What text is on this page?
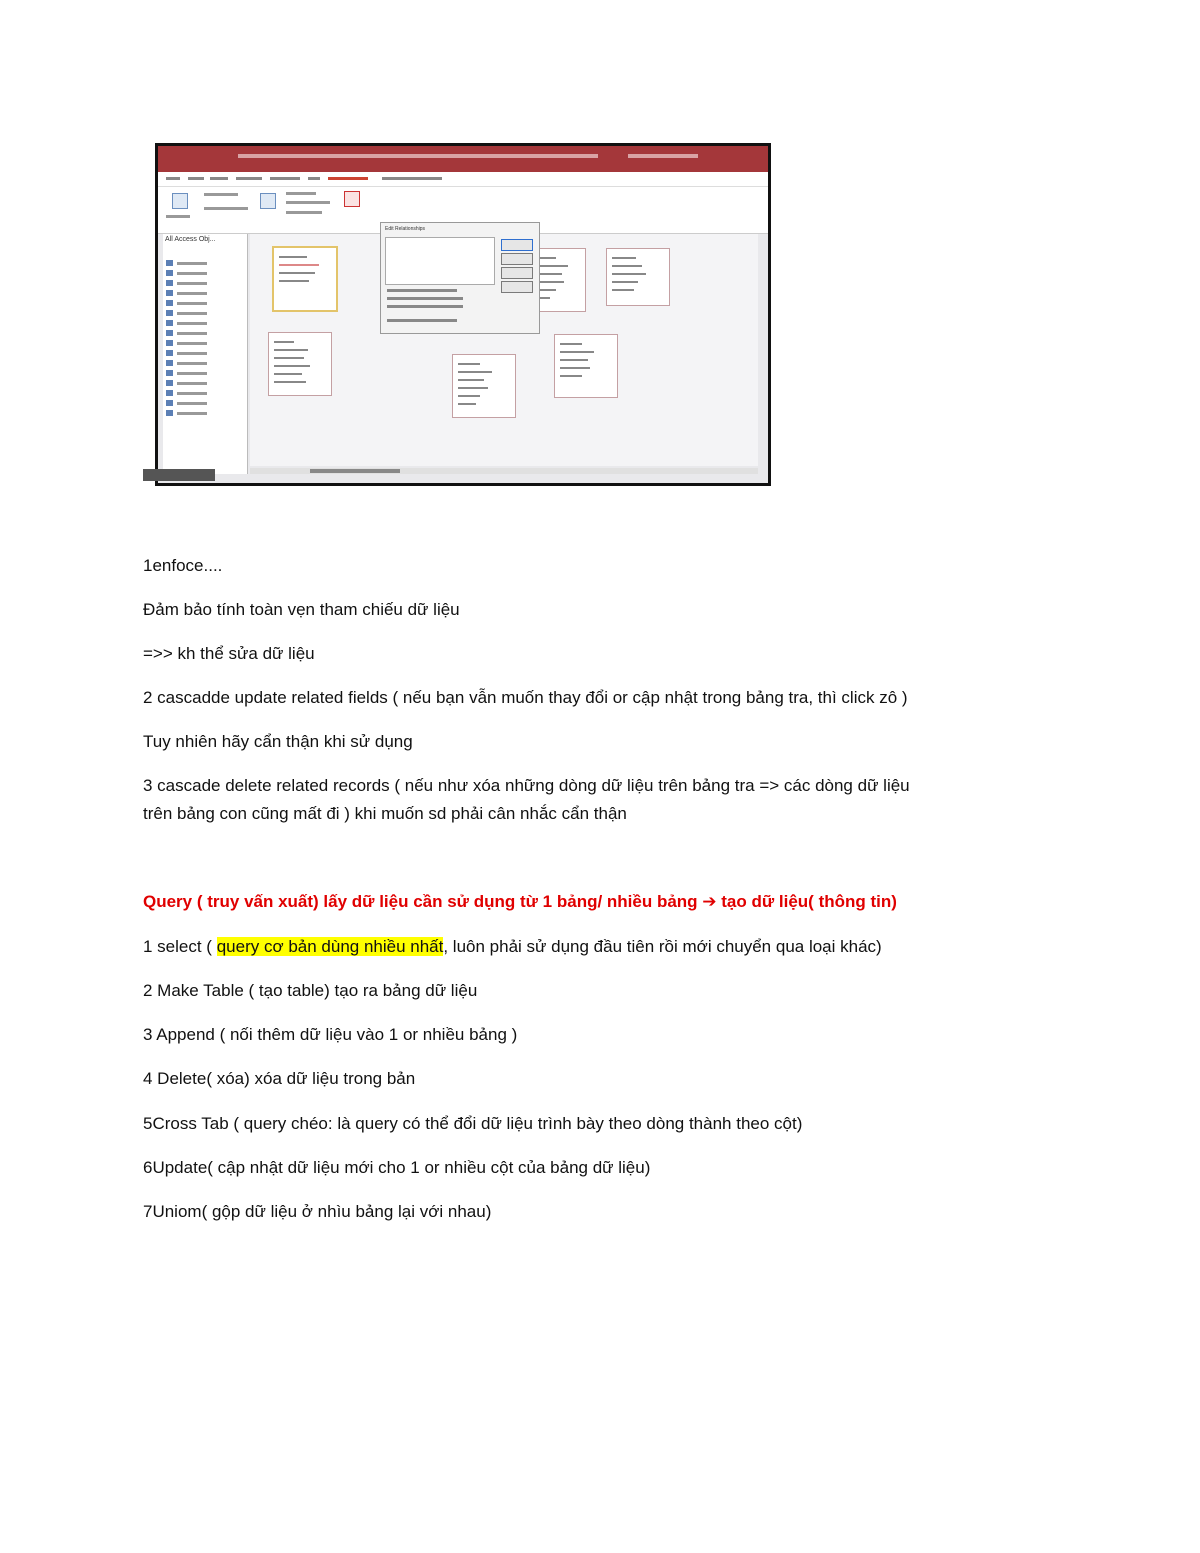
All Access Obj...
Edit Relationships

1enfoce....

Đảm bảo tính toàn vẹn tham chiếu dữ liệu

=>> kh thể sửa dữ liệu

2 cascadde update related fields ( nếu bạn vẫn muốn thay đổi or cập nhật trong bảng tra, thì click zô )

Tuy nhiên hãy cẩn thận khi sử dụng

3 cascade delete related records ( nếu như xóa những dòng dữ liệu trên bảng tra => các dòng dữ liệu

trên bảng con cũng mất đi ) khi muốn sd phải cân nhắc cẩn thận

Query ( truy vấn xuất) lấy dữ liệu cần sử dụng từ 1 bảng/ nhiều bảng ➔ tạo dữ liệu( thông tin)

1 select ( query cơ bản dùng nhiều nhất, luôn phải sử dụng đầu tiên rồi mới chuyển qua loại khác)

2 Make Table ( tạo table) tạo ra bảng dữ liệu

3 Append ( nối thêm dữ liệu vào 1 or nhiều bảng )

4 Delete( xóa) xóa dữ liệu trong bản

5Cross Tab ( query chéo: là query có thể đổi dữ liệu trình bày theo dòng thành theo cột)

6Update( cập nhật dữ liệu mới cho 1 or nhiều cột của bảng dữ liệu)

7Uniom( gộp dữ liệu ở nhìu bảng lại với nhau)
